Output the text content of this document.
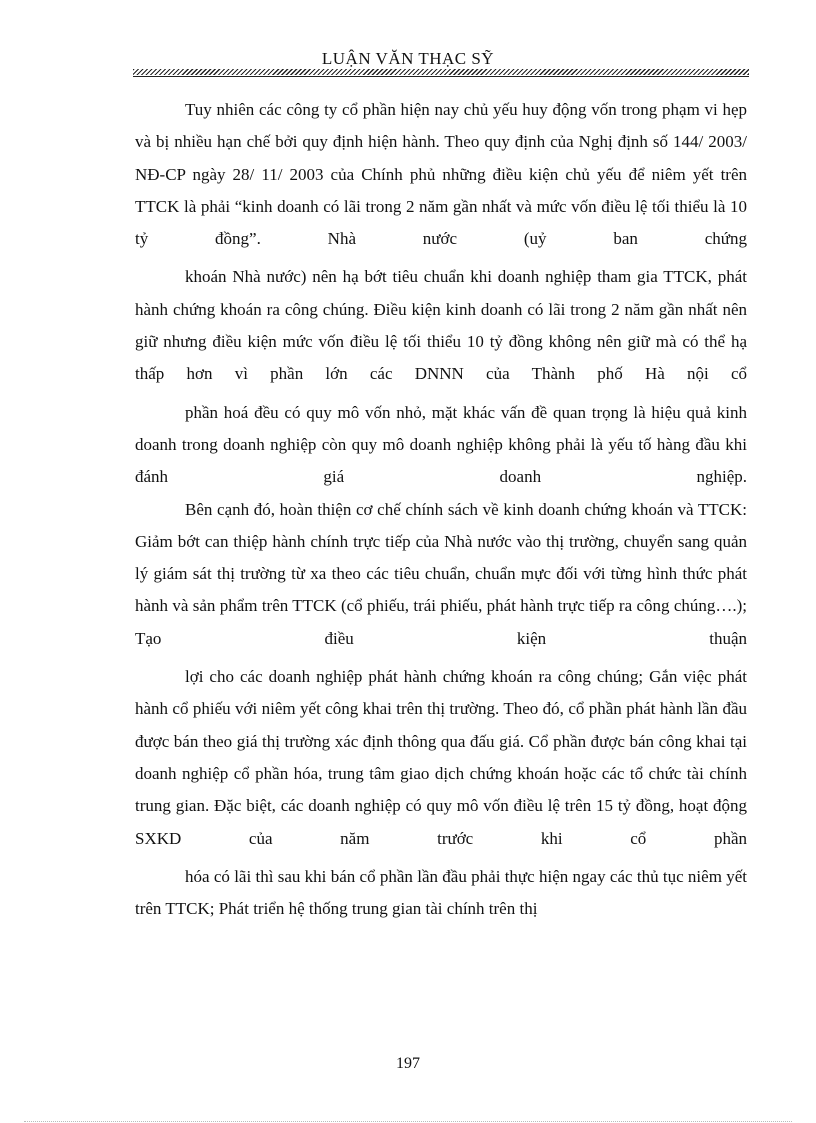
LUẬN VĂN THẠC SỸ

Tuy nhiên các công ty cổ phần hiện nay chủ yếu huy động vốn trong phạm vi hẹp và bị nhiều hạn chế bởi quy định hiện hành. Theo quy định của Nghị định số 144/ 2003/ NĐ-CP ngày 28/ 11/ 2003 của Chính phủ những điều kiện chủ yếu để niêm yết trên TTCK là phải “kinh doanh có lãi trong 2 năm gần nhất và mức vốn điều lệ tối thiểu là 10 tỷ đồng”. Nhà nước (uỷ ban chứng

khoán Nhà nước) nên hạ bớt tiêu chuẩn khi doanh nghiệp tham gia TTCK, phát hành chứng khoán ra công chúng. Điều kiện kinh doanh có lãi trong 2 năm gần nhất nên giữ nhưng điều kiện mức vốn điều lệ tối thiểu 10 tỷ đồng không nên giữ mà có thể hạ thấp hơn vì phần lớn các DNNN của Thành phố Hà nội cổ

phần hoá đều có quy mô vốn nhỏ, mặt khác vấn đề quan trọng là hiệu quả kinh doanh trong doanh nghiệp còn quy mô doanh nghiệp không phải là yếu tố hàng đầu khi đánh giá doanh nghiệp.

Bên cạnh đó, hoàn thiện cơ chế chính sách về kinh doanh chứng khoán và TTCK: Giảm bớt can thiệp hành chính trực tiếp của Nhà nước vào thị trường, chuyển sang quản lý giám sát thị trường từ xa theo các tiêu chuẩn, chuẩn mực đối với từng hình thức phát hành và sản phẩm trên TTCK (cổ phiếu, trái phiếu, phát hành trực tiếp ra công chúng….); Tạo điều kiện thuận

lợi cho các doanh nghiệp phát hành chứng khoán ra công chúng; Gắn việc phát hành cổ phiếu với niêm yết công khai trên thị trường. Theo đó, cổ phần phát hành lần đầu được bán theo giá thị trường xác định thông qua đấu giá. Cổ phần được bán công khai tại doanh nghiệp cổ phần hóa, trung tâm giao dịch chứng khoán hoặc các tổ chức tài chính trung gian. Đặc biệt, các doanh nghiệp có quy mô vốn điều lệ trên 15 tỷ đồng, hoạt động SXKD của năm trước khi cổ phần

hóa có lãi thì sau khi bán cổ phần lần đầu phải thực hiện ngay các thủ tục niêm yết trên TTCK; Phát triển hệ thống trung gian tài chính trên thị

197
